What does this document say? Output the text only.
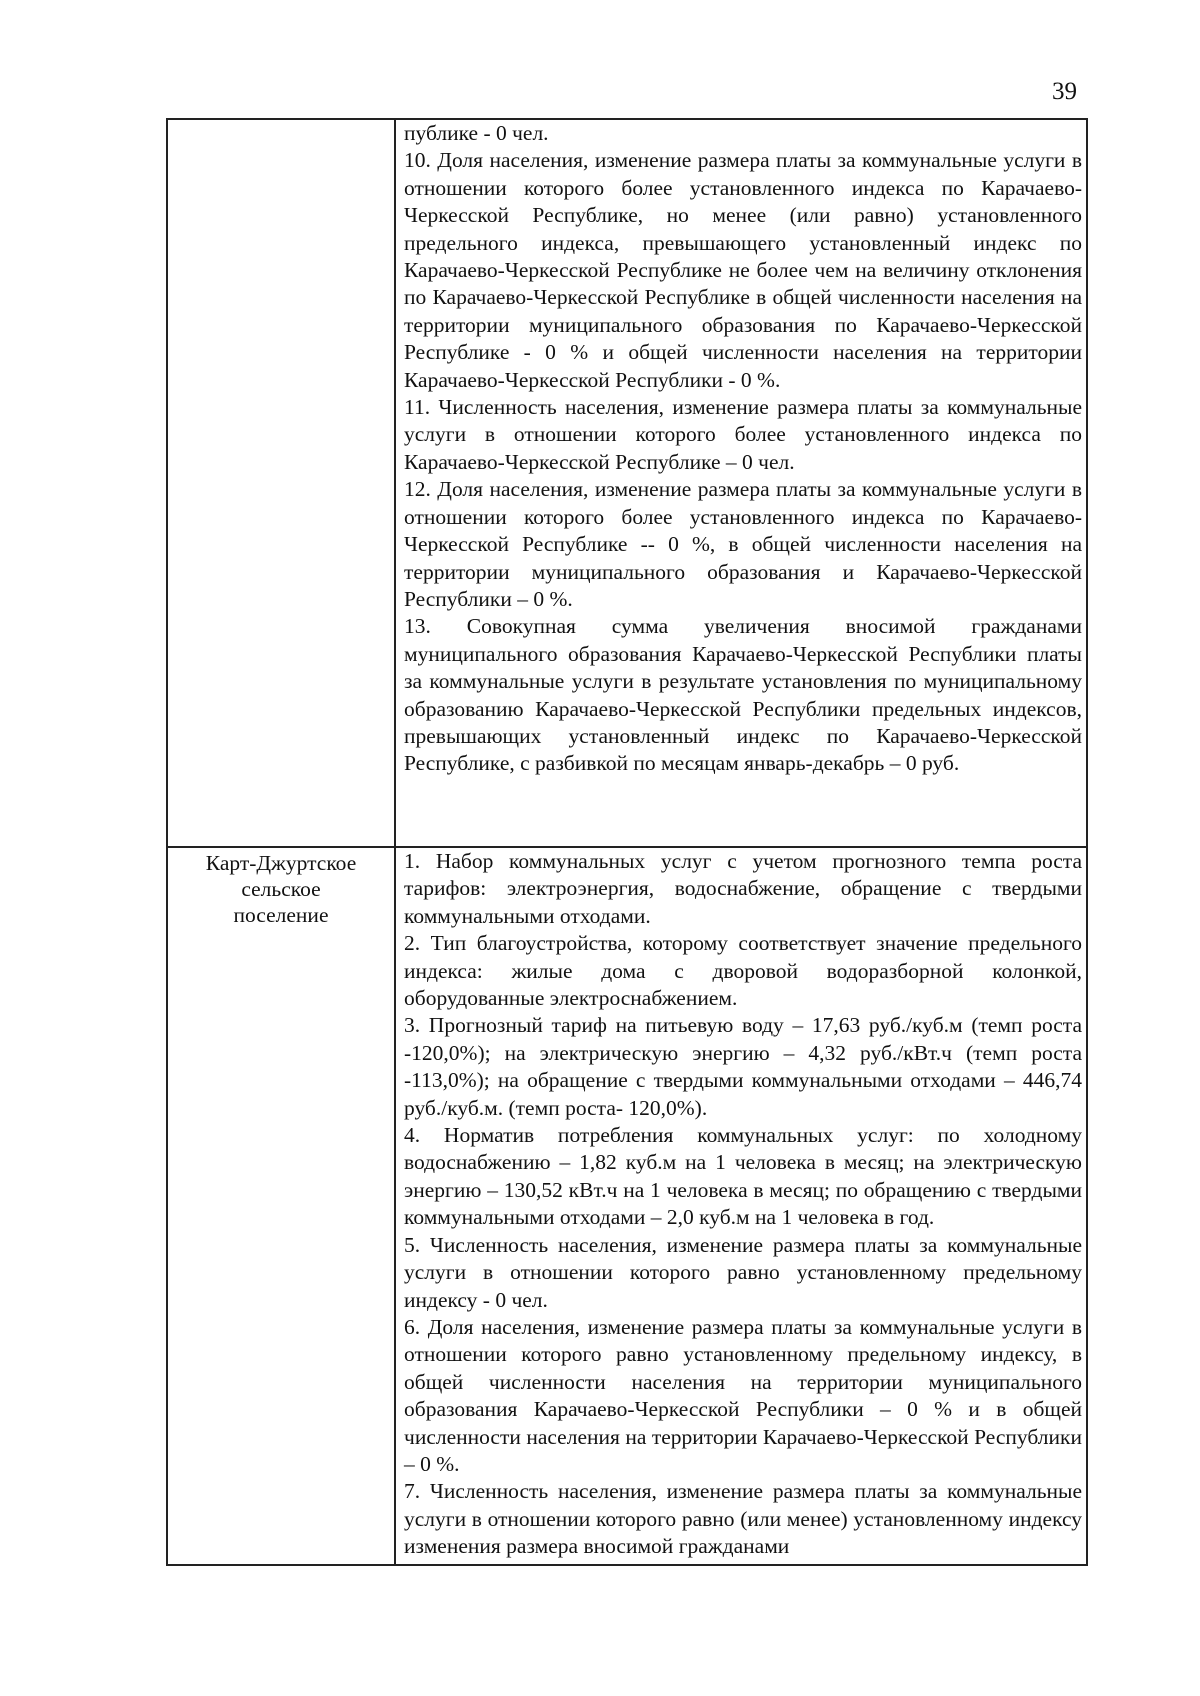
39

публике - 0 чел.

10. Доля населения, изменение размера платы за коммунальные услуги в отношении которого более установленного индекса по Карачаево-Черкесской Республике, но менее (или равно) установленного предельного индекса, превышающего установленный индекс по Карачаево-Черкесской Республике не более чем на величину отклонения по Карачаево-Черкесской Республике в общей численности населения на территории муниципального образования по Карачаево-Черкесской Республике - 0 % и общей численности населения на территории Карачаево-Черкесской Республики - 0 %.

11. Численность населения, изменение размера платы за коммунальные услуги в отношении которого более установленного индекса по Карачаево-Черкесской Республике – 0 чел.

12. Доля населения, изменение размера платы за коммунальные услуги в отношении которого более установленного индекса по Карачаево-Черкесской Республике -- 0 %, в общей численности населения на территории муниципального образования и Карачаево-Черкесской Республики – 0 %.

13. Совокупная сумма увеличения вносимой гражданами муниципального образования Карачаево-Черкесской Республики платы за коммунальные услуги в результате установления по муниципальному образованию Карачаево-Черкесской Республики предельных индексов, превышающих установленный индекс по Карачаево-Черкесской Республике, с разбивкой по месяцам январь-декабрь – 0 руб.

Карт-Джуртское
сельское
поселение

1. Набор коммунальных услуг с учетом прогнозного темпа роста тарифов: электроэнергия, водоснабжение, обращение с твердыми коммунальными отходами.

2. Тип благоустройства, которому соответствует значение предельного индекса: жилые дома с дворовой водоразборной колонкой, оборудованные электроснабжением.

3. Прогнозный тариф на питьевую воду – 17,63 руб./куб.м (темп роста -120,0%); на электрическую энергию – 4,32 руб./кВт.ч (темп роста -113,0%); на обращение с твердыми коммунальными отходами – 446,74 руб./куб.м. (темп роста- 120,0%).

4. Норматив потребления коммунальных услуг: по холодному водоснабжению – 1,82 куб.м на 1 человека в месяц; на электрическую энергию – 130,52 кВт.ч на 1 человека в месяц; по обращению с твердыми коммунальными отходами – 2,0 куб.м на 1 человека в год.

5. Численность населения, изменение размера платы за коммунальные услуги в отношении которого равно установленному предельному индексу - 0 чел.

6. Доля населения, изменение размера платы за коммунальные услуги в отношении которого равно установленному предельному индексу, в общей численности населения на территории муниципального образования Карачаево-Черкесской Республики – 0 % и в общей численности населения на территории Карачаево-Черкесской Республики – 0 %.

7. Численность населения, изменение размера платы за коммунальные услуги в отношении которого равно (или менее) установленному индексу изменения размера вносимой гражданами
